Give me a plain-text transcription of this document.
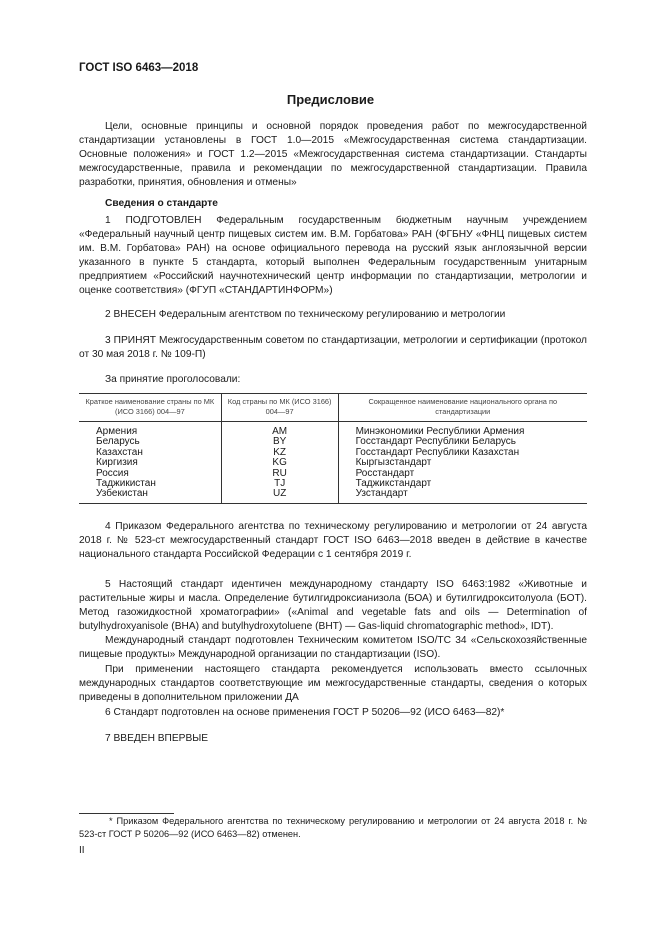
ГОСТ ISO 6463—2018
Предисловие

Цели, основные принципы и основной порядок проведения работ по межгосударственной стандартизации установлены в ГОСТ 1.0—2015 «Межгосударственная система стандартизации. Основные положения» и ГОСТ 1.2—2015 «Межгосударственная система стандартизации. Стандарты межгосударственные, правила и рекомендации по межгосударственной стандартизации. Правила разработки, принятия, обновления и отмены»

Сведения о стандарте

1 ПОДГОТОВЛЕН Федеральным государственным бюджетным научным учреждением «Федеральный научный центр пищевых систем им. В.М. Горбатова» РАН (ФГБНУ «ФНЦ пищевых систем им. В.М. Горбатова» РАН) на основе официального перевода на русский язык англоязычной версии указанного в пункте 5 стандарта, который выполнен Федеральным государственным унитарным предприятием «Российский научнотехнический центр информации по стандартизации, метрологии и оценке соответствия» (ФГУП «СТАНДАРТИНФОРМ»)

2 ВНЕСЕН Федеральным агентством по техническому регулированию и метрологии

3 ПРИНЯТ Межгосударственным советом по стандартизации, метрологии и сертификации (протокол от 30 мая 2018 г. № 109-П)

За принятие проголосовали:
Краткое наименование страны по МК (ИСО 3166) 004—97	Код страны по МК (ИСО 3166) 004—97	Сокращенное наименование национального органа по стандартизации
Армения	AM	Минэкономики Республики Армения
Беларусь	BY	Госстандарт Республики Беларусь
Казахстан	KZ	Госстандарт Республики Казахстан
Киргизия	KG	Кыргызстандарт
Россия	RU	Росстандарт
Таджикистан	TJ	Таджикстандарт
Узбекистан	UZ	Узстандарт

4 Приказом Федерального агентства по техническому регулированию и метрологии от 24 августа 2018 г. № 523-ст межгосударственный стандарт ГОСТ ISO 6463—2018 введен в действие в качестве национального стандарта Российской Федерации с 1 сентября 2019 г.

5 Настоящий стандарт идентичен международному стандарту ISO 6463:1982 «Животные и растительные жиры и масла. Определение бутилгидроксианизола (БОА) и бутилгидрокситолуола (БОТ). Метод газожидкостной хроматографии» («Animal and vegetable fats and oils — Determination of butylhydroxyanisole (BHA) and butylhydroxytoluene (BHT) — Gas-liquid chromatographic method», IDT).

Международный стандарт подготовлен Техническим комитетом ISO/TC 34 «Сельскохозяйственные пищевые продукты» Международной организации по стандартизации (ISO).

При применении настоящего стандарта рекомендуется использовать вместо ссылочных международных стандартов соответствующие им межгосударственные стандарты, сведения о которых приведены в дополнительном приложении ДА

6 Стандарт подготовлен на основе применения ГОСТ Р 50206—92 (ИСО 6463—82)*
7 ВВЕДЕН ВПЕРВЫЕ

* Приказом Федерального агентства по техническому регулированию и метрологии от 24 августа 2018 г. № 523-ст ГОСТ Р 50206—92 (ИСО 6463—82) отменен.

II
